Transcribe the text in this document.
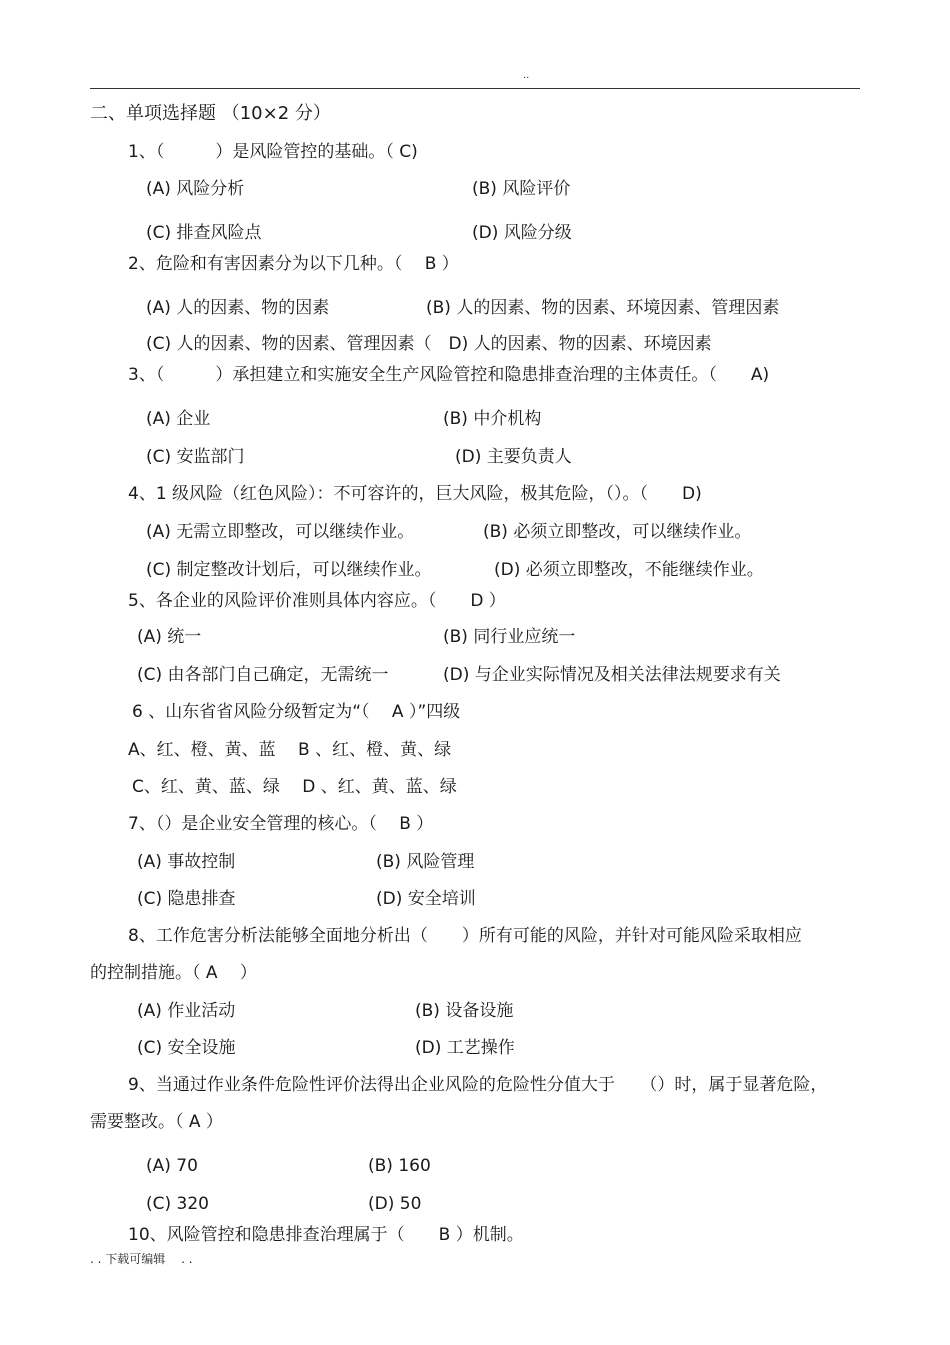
..
二、单项选择题 （10×2 分）
1、（　　　）是风险管控的基础。（ C)
(A) 风险分析	(B) 风险评价
(C) 排查风险点	(D) 风险分级
2、危险和有害因素分为以下几种。（　 B ）
(A) 人的因素、物的因素	(B) 人的因素、物的因素、环境因素、管理因素
(C) 人的因素、物的因素、管理因素（　D) 人的因素、物的因素、环境因素
3、（　　　）承担建立和实施安全生产风险管控和隐患排查治理的主体责任。（　　A)
(A) 企业	(B) 中介机构
(C) 安监部门	(D) 主要负责人
4、1 级风险（红色风险）：不可容许的，巨大风险，极其危险，（）。（　　D)
(A) 无需立即整改，可以继续作业。	(B) 必须立即整改，可以继续作业。
(C) 制定整改计划后，可以继续作业。	(D) 必须立即整改，不能继续作业。
5、各企业的风险评价准则具体内容应。（　　D ）
(A) 统一	(B) 同行业应统一
(C) 由各部门自己确定，无需统一	(D) 与企业实际情况及相关法律法规要求有关
6 、山东省省风险分级暂定为“（　 A ）”四级
A、红、橙、黄、蓝　 B 、红、橙、黄、绿
C、红、黄、蓝、绿　 D 、红、黄、蓝、绿
7、（）是企业安全管理的核心。（　 B ）
(A) 事故控制	(B) 风险管理
(C) 隐患排查	(D) 安全培训
8、工作危害分析法能够全面地分析出（　　）所有可能的风险，并针对可能风险采取相应
的控制措施。（ A　 ）
(A) 作业活动	(B) 设备设施
(C) 安全设施	(D) 工艺操作
9、当通过作业条件危险性评价法得出企业风险的危险性分值大于　　（）时，属于显著危险，
需要整改。（ A ）
(A) 70	(B) 160
(C) 320	(D) 50
10、风险管控和隐患排查治理属于（　　B ）机制。
. . 下载可编辑　 . .
